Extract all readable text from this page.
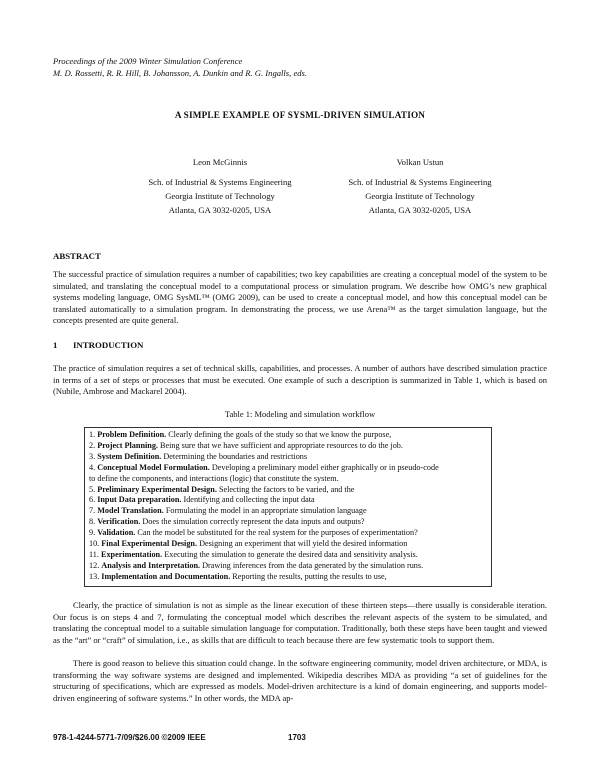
Proceedings of the 2009 Winter Simulation Conference
M. D. Rossetti, R. R. Hill, B. Johansson, A. Dunkin and R. G. Ingalls, eds.
A SIMPLE EXAMPLE OF SYSML-DRIVEN SIMULATION
Leon McGinnis
Sch. of Industrial & Systems Engineering
Georgia Institute of Technology
Atlanta, GA 3032-0205, USA
Volkan Ustun
Sch. of Industrial & Systems Engineering
Georgia Institute of Technology
Atlanta, GA 3032-0205, USA
ABSTRACT
The successful practice of simulation requires a number of capabilities; two key capabilities are creating a conceptual model of the system to be simulated, and translating the conceptual model to a computational process or simulation program. We describe how OMG’s new graphical systems modeling language, OMG SysML™ (OMG 2009), can be used to create a conceptual model, and how this conceptual model can be translated automatically to a simulation program. In demonstrating the process, we use Arena™ as the target simulation language, but the concepts presented are quite general.
1 INTRODUCTION
The practice of simulation requires a set of technical skills, capabilities, and processes. A number of authors have described simulation practice in terms of a set of steps or processes that must be executed. One example of such a description is summarized in Table 1, which is based on (Nubile, Ambrose and Mackarel 2004).
Table 1: Modeling and simulation workflow
1. Problem Definition. Clearly defining the goals of the study so that we know the purpose,
2. Project Planning. Being sure that we have sufficient and appropriate resources to do the job.
3. System Definition. Determining the boundaries and restrictions
4. Conceptual Model Formulation. Developing a preliminary model either graphically or in pseudo-code
to define the components, and interactions (logic) that constitute the system.
5. Preliminary Experimental Design. Selecting the factors to be varied, and the
6. Input Data preparation. Identifying and collecting the input data
7. Model Translation. Formulating the model in an appropriate simulation language
8. Verification. Does the simulation correctly represent the data inputs and outputs?
9. Validation. Can the model be substituted for the real system for the purposes of experimentation?
10. Final Experimental Design. Designing an experiment that will yield the desired information
11. Experimentation. Executing the simulation to generate the desired data and sensitivity analysis.
12. Analysis and Interpretation. Drawing inferences from the data generated by the simulation runs.
13. Implementation and Documentation. Reporting the results, putting the results to use,
Clearly, the practice of simulation is not as simple as the linear execution of these thirteen steps—there usually is considerable iteration. Our focus is on steps 4 and 7, formulating the conceptual model which describes the relevant aspects of the system to be simulated, and translating the conceptual model to a suitable simulation language for computation. Traditionally, both these steps have been taught and viewed as the “art” or “craft” of simulation, i.e., as skills that are difficult to teach because there are few systematic tools to support them.
There is good reason to believe this situation could change. In the software engineering community, model driven architecture, or MDA, is transforming the way software systems are designed and implemented. Wikipedia describes MDA as providing “a set of guidelines for the structuring of specifications, which are expressed as models. Model-driven architecture is a kind of domain engineering, and supports model-driven engineering of software systems.” In other words, the MDA ap-
978-1-4244-5771-7/09/$26.00 ©2009 IEEE	1703
